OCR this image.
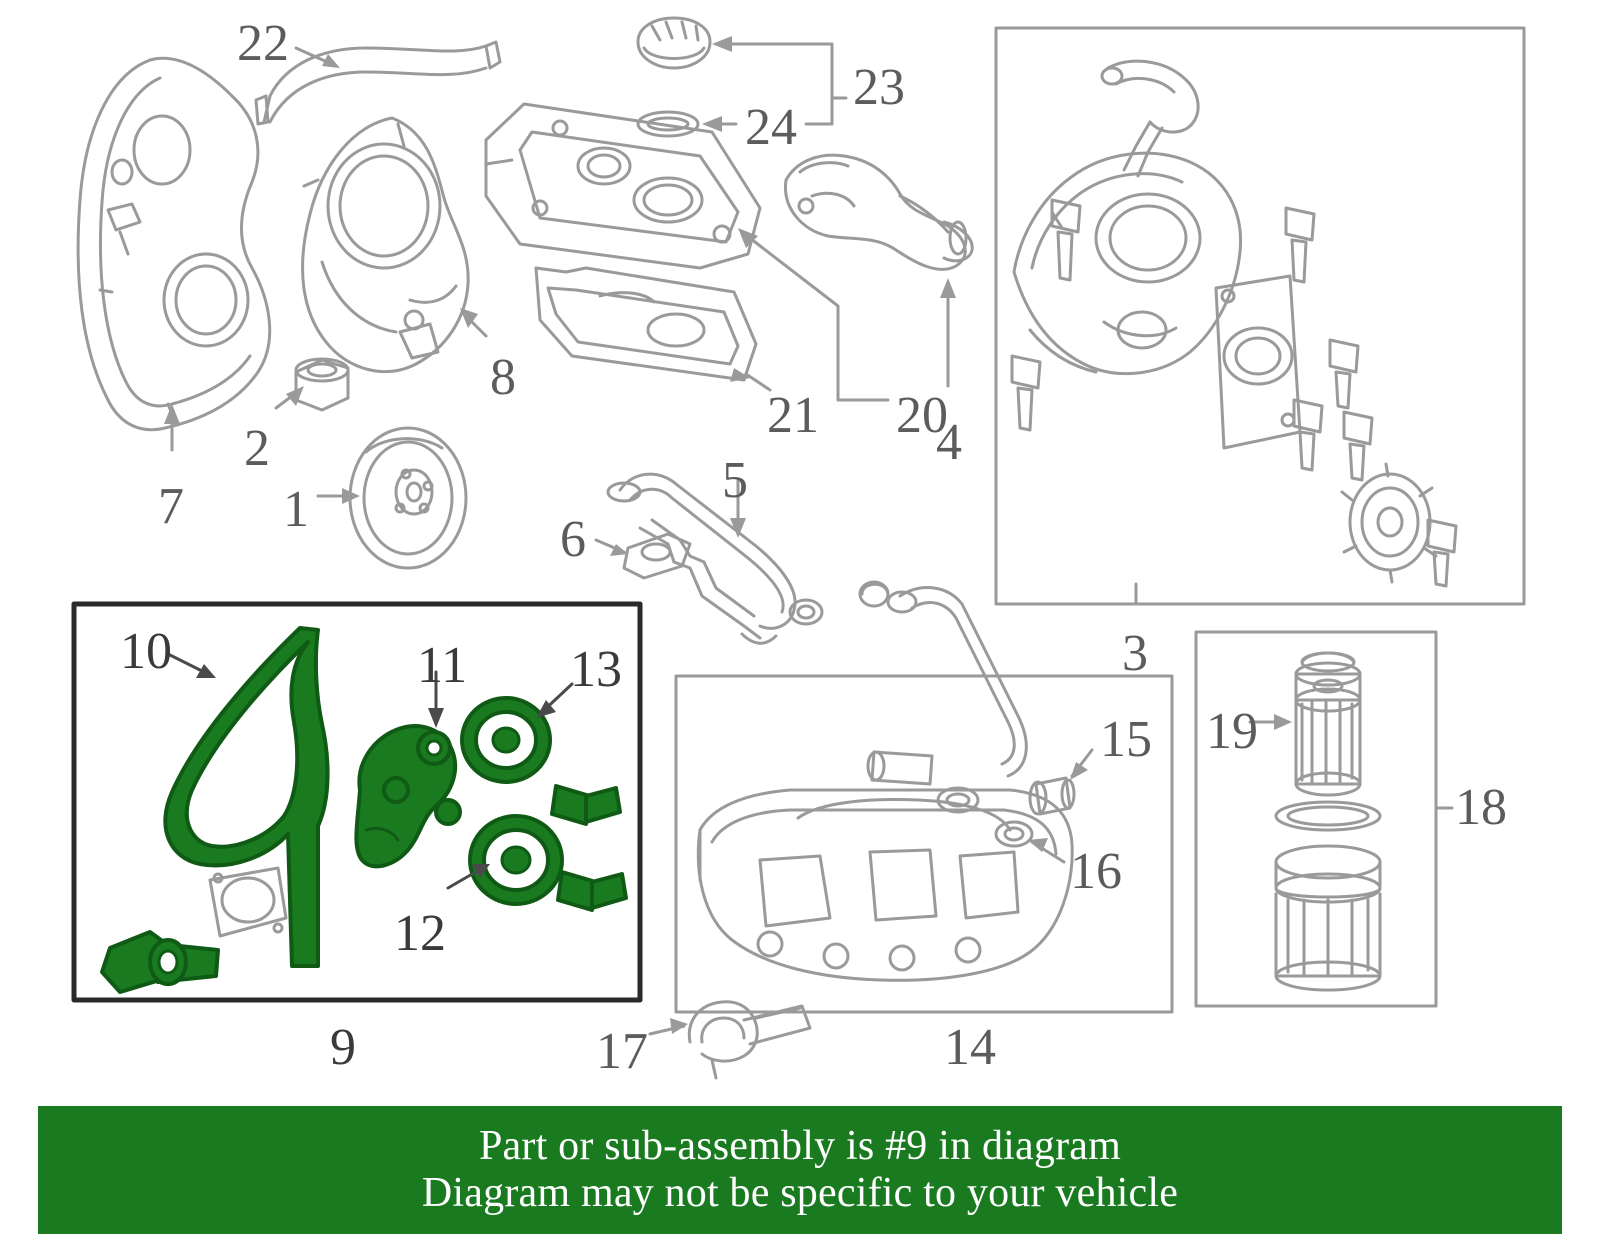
1
2
3
4
5
6
7
8
9
10	11
12
13
14
15
16
17
18
19
20
21
22
23
24
Part or sub-assembly is #9 in diagram
Diagram may not be specific to your vehicle
